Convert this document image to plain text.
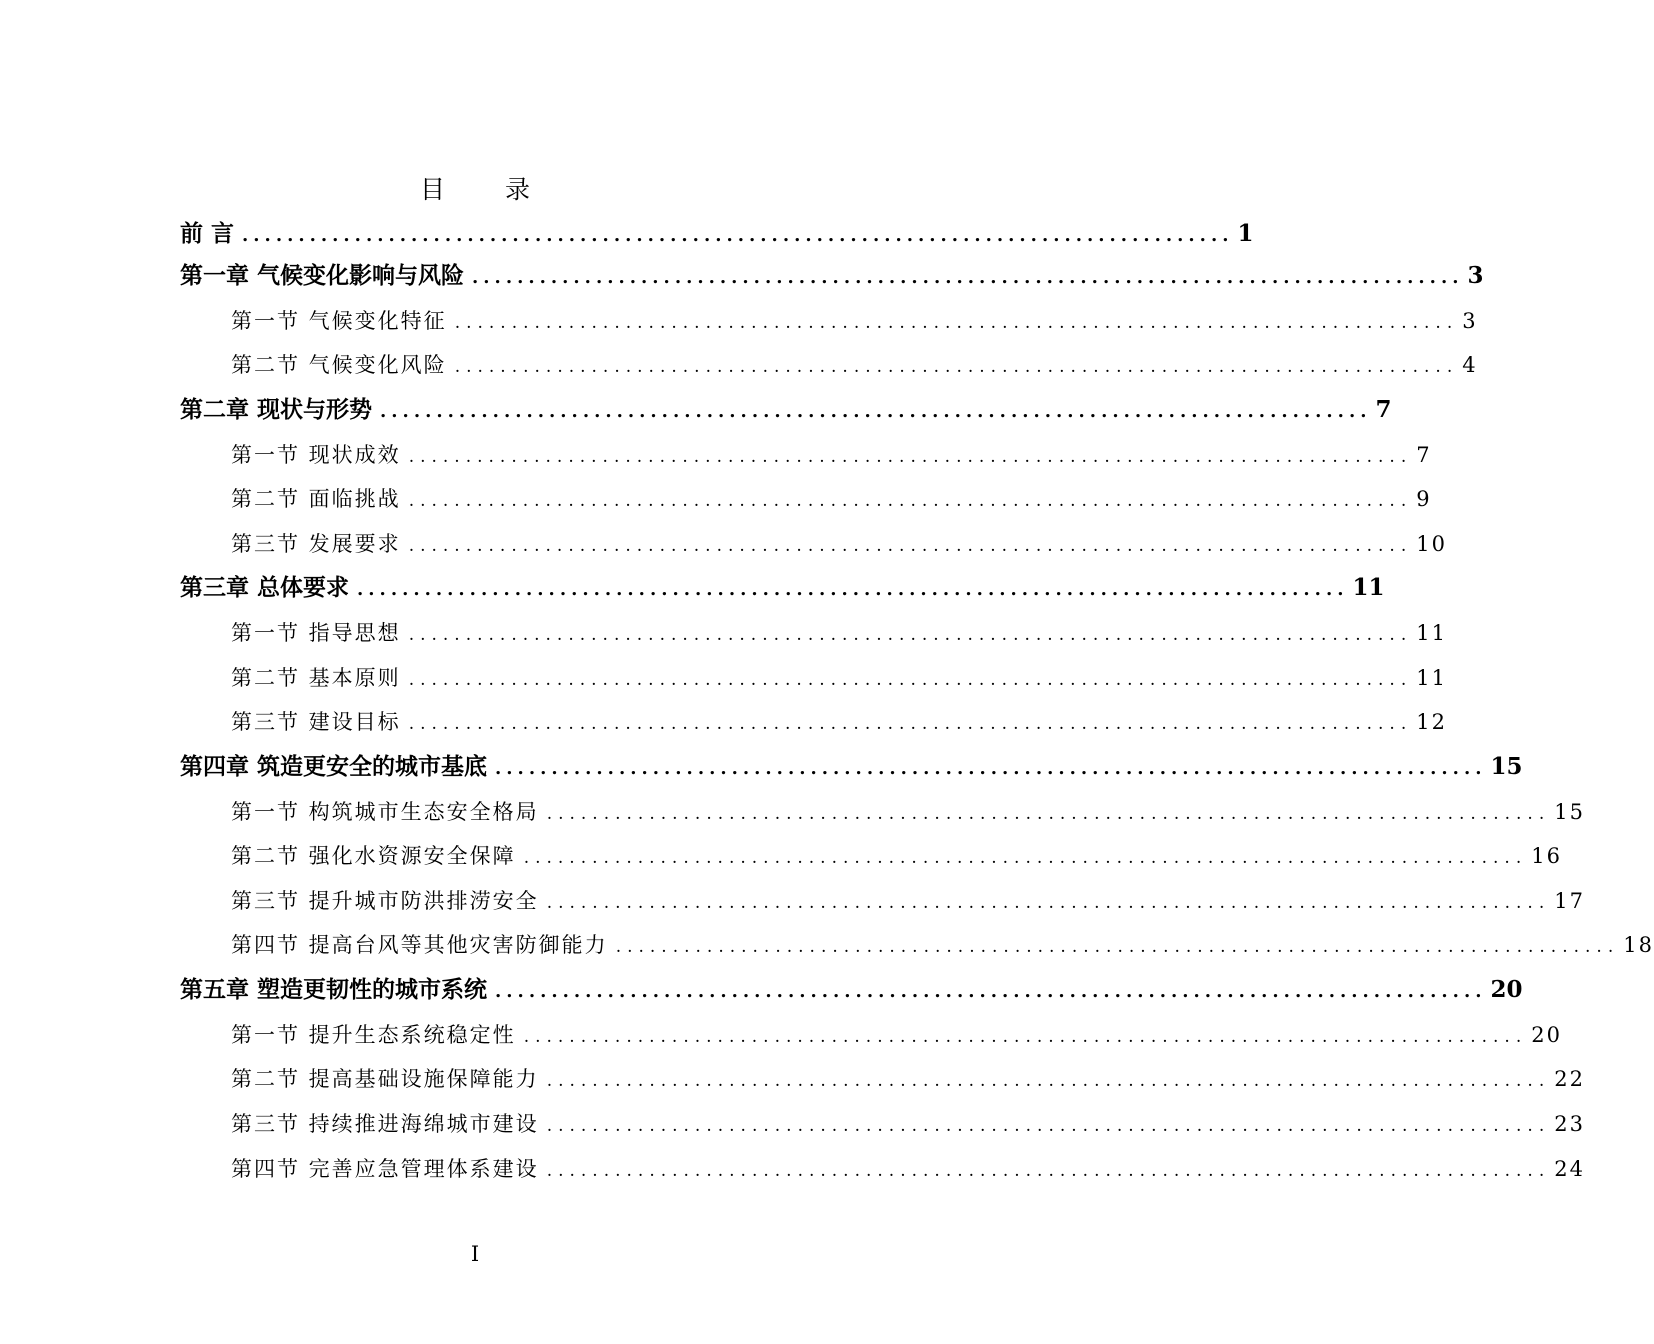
目 录
前 言 ........................................................................................ 1
第一章 气候变化影响与风险 ........................................................................................ 3
第一节 气候变化特征 ........................................................................................ 3
第二节 气候变化风险 ........................................................................................ 4
第二章 现状与形势 ........................................................................................ 7
第一节 现状成效 ........................................................................................ 7
第二节 面临挑战 ........................................................................................ 9
第三节 发展要求 ........................................................................................ 10
第三章 总体要求 ........................................................................................ 11
第一节 指导思想 ........................................................................................ 11
第二节 基本原则 ........................................................................................ 11
第三节 建设目标 ........................................................................................ 12
第四章 筑造更安全的城市基底 ........................................................................................ 15
第一节 构筑城市生态安全格局 ........................................................................................ 15
第二节 强化水资源安全保障 ........................................................................................ 16
第三节 提升城市防洪排涝安全 ........................................................................................ 17
第四节 提高台风等其他灾害防御能力 ........................................................................................ 18
第五章 塑造更韧性的城市系统 ........................................................................................ 20
第一节 提升生态系统稳定性 ........................................................................................ 20
第二节 提高基础设施保障能力 ........................................................................................ 22
第三节 持续推进海绵城市建设 ........................................................................................ 23
第四节 完善应急管理体系建设 ........................................................................................ 24
I
